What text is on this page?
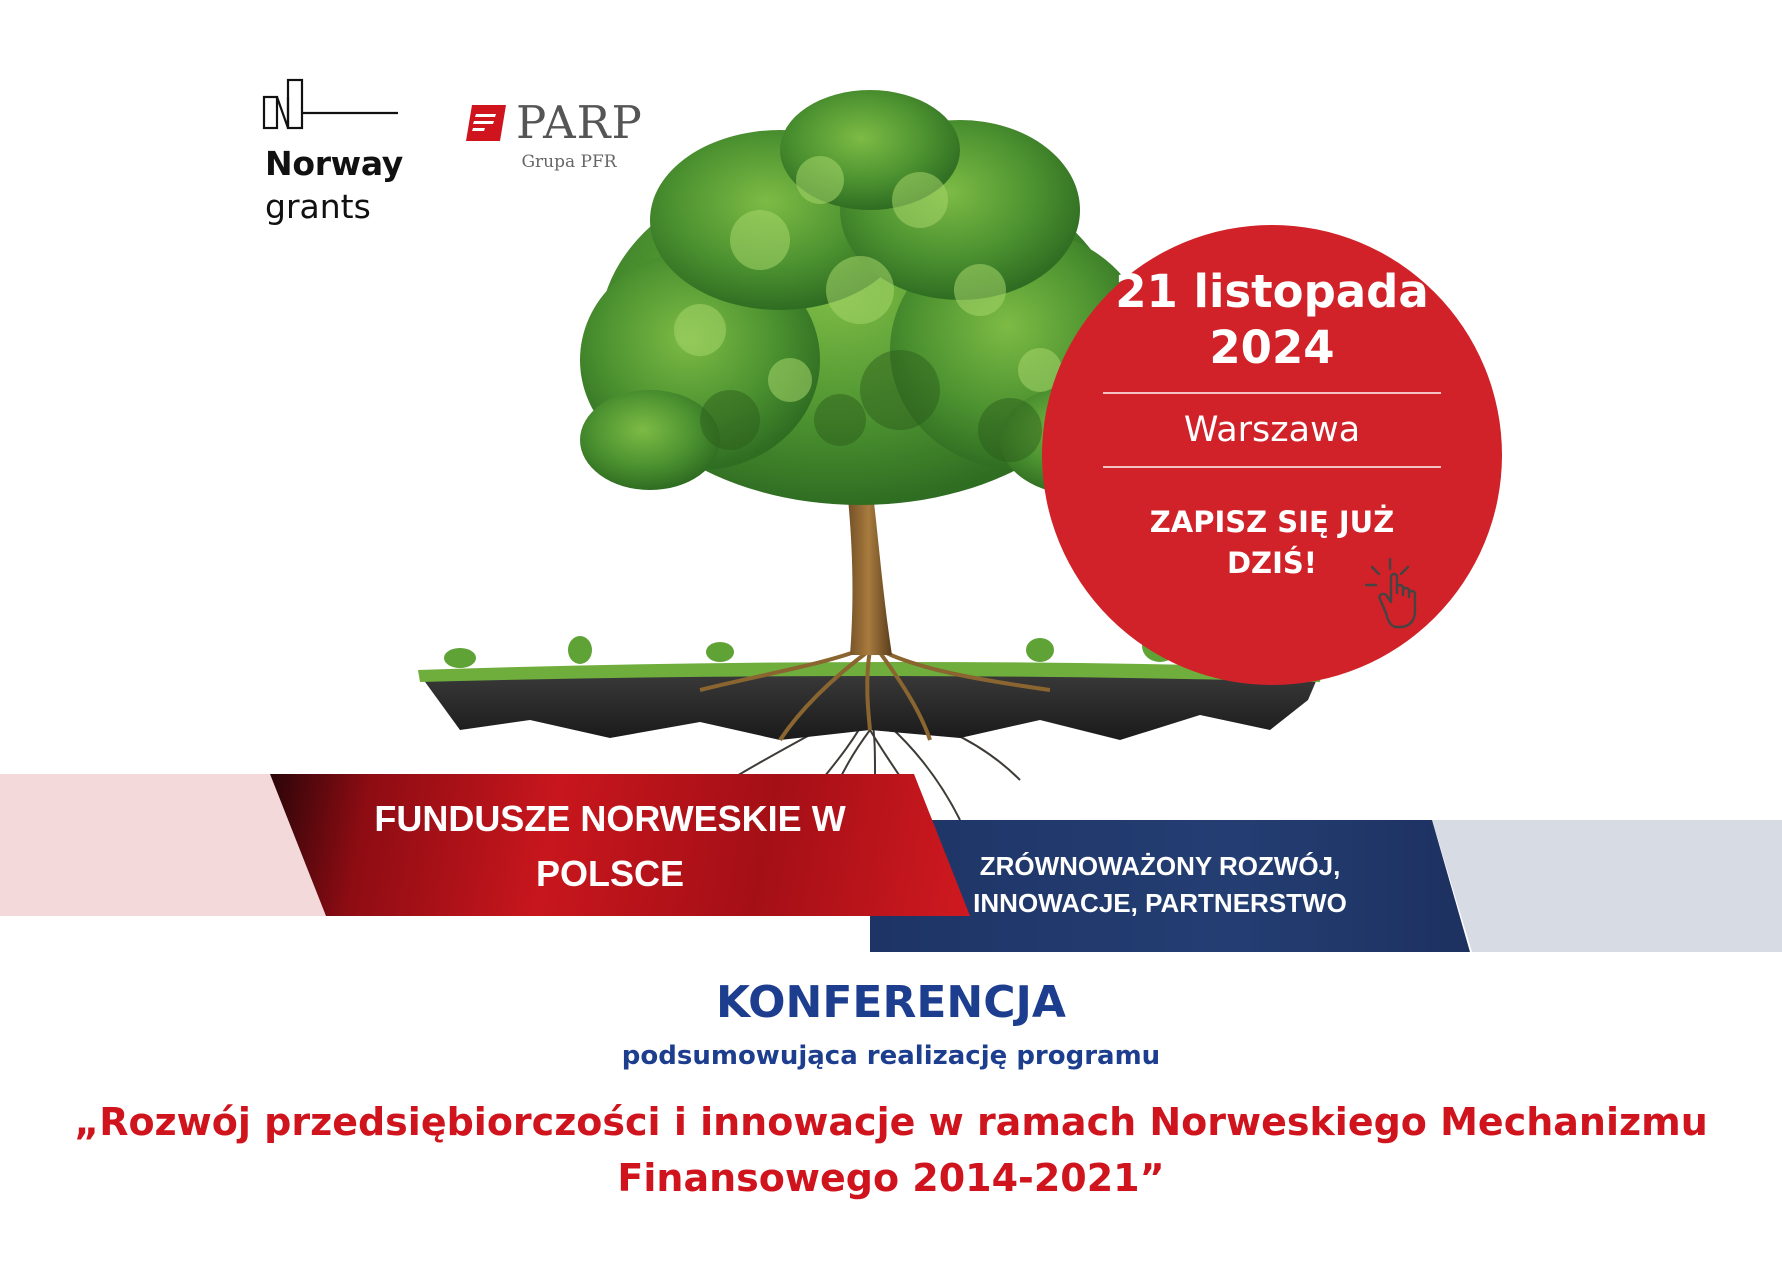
Norway
grants
PARP
Grupa PFR
21 listopada 2024
Warszawa
ZAPISZ SIĘ JUŻ DZIŚ!
FUNDUSZE NORWESKIE W POLSCE	ZRÓWNOWAŻONY ROZWÓJ, INNOWACJE, PARTNERSTWO
KONFERENCJA
podsumowująca realizację programu
„Rozwój przedsiębiorczości i innowacje w ramach Norweskiego Mechanizmu Finansowego 2014-2021”
